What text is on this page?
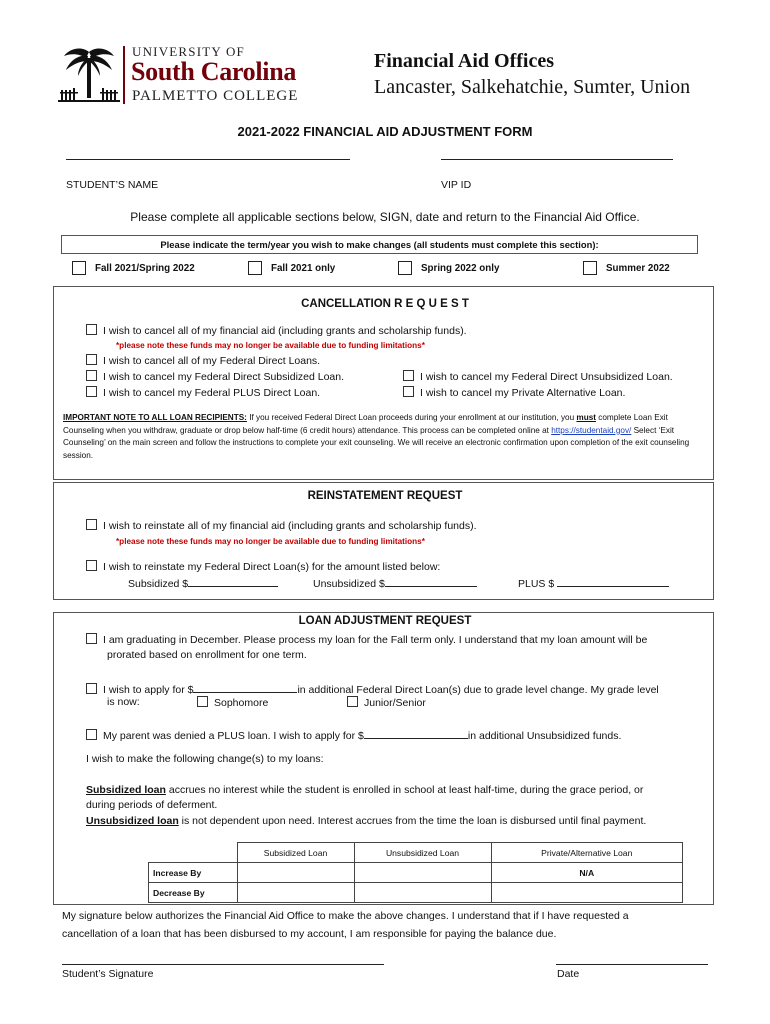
UNIVERSITY OF
South Carolina
PALMETTO COLLEGE
Financial Aid Offices
Lancaster, Salkehatchie, Sumter, Union
2021-2022 FINANCIAL AID ADJUSTMENT FORM
STUDENT’S NAME	VIP ID
Please complete all applicable sections below, SIGN, date and return to the Financial Aid Office.
Please indicate the term/year you wish to make changes (all students must complete this section):
Fall 2021/Spring 2022	Fall 2021 only	Spring 2022 only	Summer 2022
CANCELLATION R E Q U E S T
I wish to cancel all of my financial aid (including grants and scholarship funds).
*please note these funds may no longer be available due to funding limitations*
I wish to cancel all of my Federal Direct Loans.
I wish to cancel my Federal Direct Subsidized Loan.
I wish to cancel my Federal PLUS Direct Loan.
I wish to cancel my Federal Direct Unsubsidized Loan.
I wish to cancel my Private Alternative Loan.
IMPORTANT NOTE TO ALL LOAN RECIPIENTS: If you received Federal Direct Loan proceeds during your enrollment at our institution, you must complete Loan Exit Counseling when you withdraw, graduate or drop below half-time (6 credit hours) attendance. This process can be completed online at https://studentaid.gov/ Select ‘Exit Counseling’ on the main screen and follow the instructions to complete your exit counseling. We will receive an electronic confirmation upon completion of the exit counseling session.
REINSTATEMENT REQUEST
I wish to reinstate all of my financial aid (including grants and scholarship funds).
*please note these funds may no longer be available due to funding limitations*
I wish to reinstate my Federal Direct Loan(s) for the amount listed below:
Subsidized $	Unsubsidized $	PLUS $
LOAN ADJUSTMENT REQUEST
I am graduating in December. Please process my loan for the Fall term only. I understand that my loan amount will be
prorated based on enrollment for one term.
I wish to apply for $	in additional Federal Direct Loan(s) due to grade level change. My grade level
is now:	Sophomore	Junior/Senior
My parent was denied a PLUS loan. I wish to apply for $	in additional Unsubsidized funds.
I wish to make the following change(s) to my loans:
Subsidized loan accrues no interest while the student is enrolled in school at least half-time, during the grace period, or
during periods of deferment.
Unsubsidized loan is not dependent upon need. Interest accrues from the time the loan is disbursed until final payment.
	Subsidized Loan	Unsubsidized Loan	Private/Alternative Loan
Increase By			N/A
Decrease By			
My signature below authorizes the Financial Aid Office to make the above changes. I understand that if I have requested a
cancellation of a loan that has been disbursed to my account, I am responsible for paying the balance due.
Student’s Signature	Date
